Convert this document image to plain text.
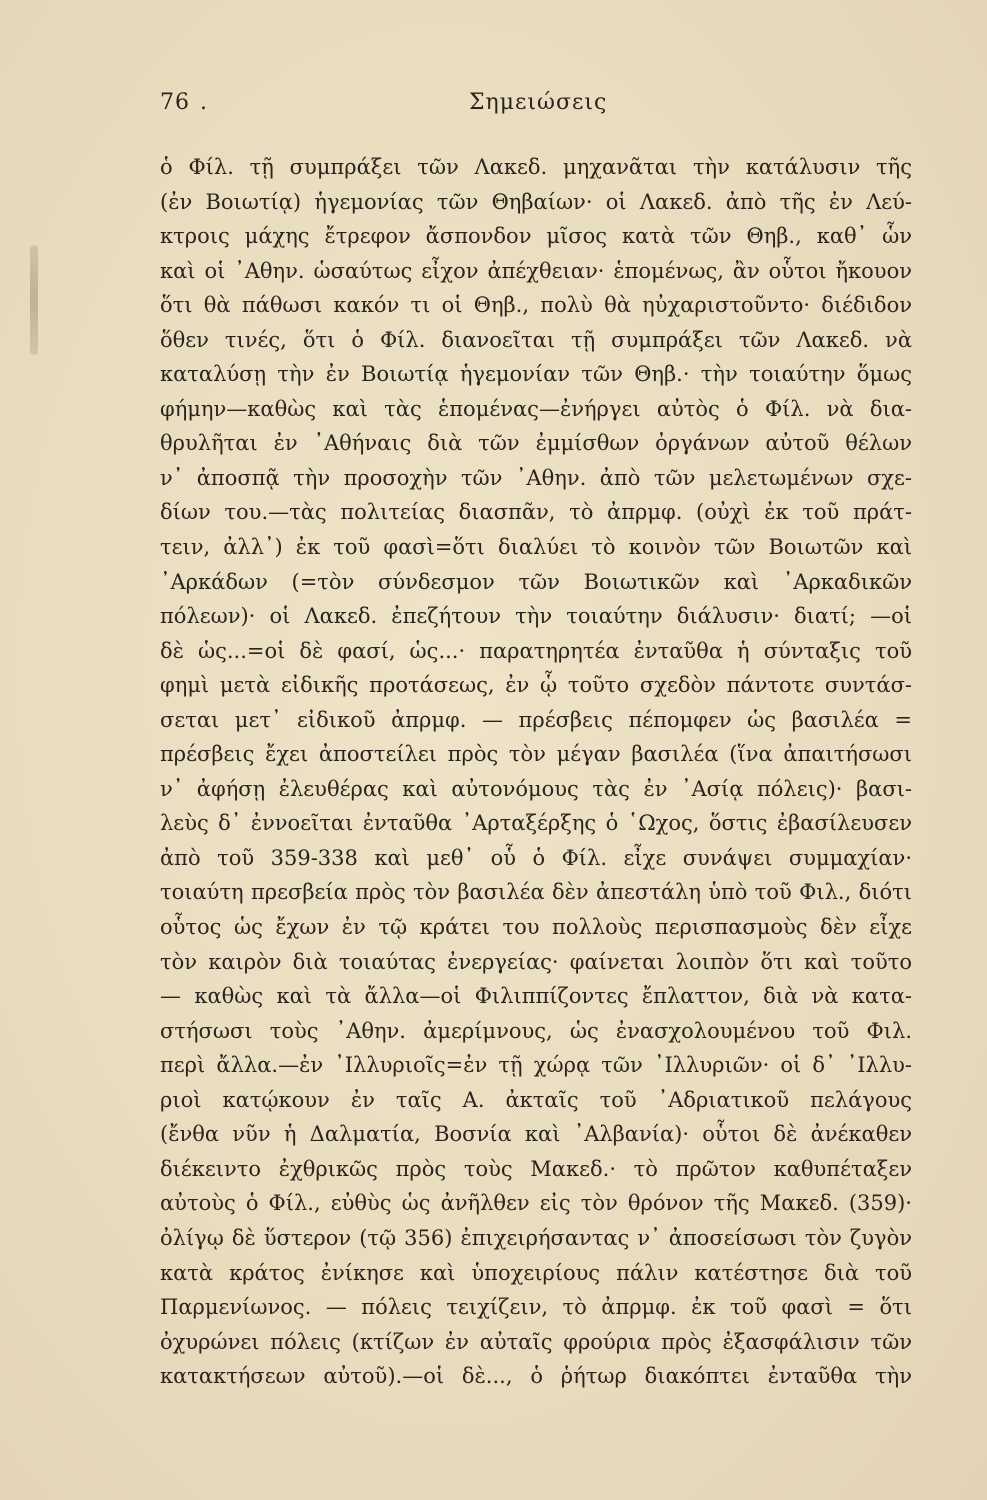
76 .	Σημειώσεις
ὁ Φίλ. τῇ συμπράξει τῶν Λακεδ. μηχανᾶται τὴν κατάλυσιν τῆς
(ἐν Βοιωτίᾳ) ἡγεμονίας τῶν Θηβαίων· οἱ Λακεδ. ἀπὸ τῆς ἐν Λεύ-
κτροις μάχης ἔτρεφον ἄσπονδον μῖσος κατὰ τῶν Θηβ., καθ᾽ ὧν
καὶ οἱ ᾽Αθην. ὡσαύτως εἶχον ἀπέχθειαν· ἑπομένως, ἂν οὗτοι ἤκουον
ὅτι θὰ πάθωσι κακόν τι οἱ Θηβ., πολὺ θὰ ηὐχαριστοῦντο· διέδιδον
ὅθεν τινές, ὅτι ὁ Φίλ. διανοεῖται τῇ συμπράξει τῶν Λακεδ. νὰ
καταλύσῃ τὴν ἐν Βοιωτίᾳ ἡγεμονίαν τῶν Θηβ.· τὴν τοιαύτην ὅμως
φήμην—καθὼς καὶ τὰς ἑπομένας—ἐνήργει αὐτὸς ὁ Φίλ. νὰ δια-
θρυλῆται ἐν ᾽Αθήναις διὰ τῶν ἐμμίσθων ὀργάνων αὐτοῦ θέλων
ν᾽ ἀποσπᾷ τὴν προσοχὴν τῶν ᾽Αθην. ἀπὸ τῶν μελετωμένων σχε-
δίων του.—τὰς πολιτείας διασπᾶν, τὸ ἀπρμφ. (οὐχὶ ἐκ τοῦ πράτ-
τειν, ἀλλ᾽) ἐκ τοῦ φασὶ=ὅτι διαλύει τὸ κοινὸν τῶν Βοιωτῶν καὶ
᾽Αρκάδων (=τὸν σύνδεσμον τῶν Βοιωτικῶν καὶ ᾽Αρκαδικῶν
πόλεων)· οἱ Λακεδ. ἐπεζήτουν τὴν τοιαύτην διάλυσιν· διατί; —οἱ
δὲ ὡς...=οἱ δὲ φασί, ὡς...· παρατηρητέα ἐνταῦθα ἡ σύνταξις τοῦ
φημὶ μετὰ εἰδικῆς προτάσεως, ἐν ᾧ τοῦτο σχεδὸν πάντοτε συντάσ-
σεται μετ᾽ εἰδικοῦ ἀπρμφ. — πρέσβεις πέπομφεν ὡς βασιλέα =
πρέσβεις ἔχει ἀποστείλει πρὸς τὸν μέγαν βασιλέα (ἵνα ἀπαιτήσωσι
ν᾽ ἀφήσῃ ἐλευθέρας καὶ αὐτονόμους τὰς ἐν ᾽Ασίᾳ πόλεις)· βασι-
λεὺς δ᾽ ἐννοεῖται ἐνταῦθα ᾽Αρταξέρξης ὁ ῾Ωχος, ὅστις ἐβασίλευσεν
ἀπὸ τοῦ 359-338 καὶ μεθ᾽ οὗ ὁ Φίλ. εἶχε συνάψει συμμαχίαν·
τοιαύτη πρεσβεία πρὸς τὸν βασιλέα δὲν ἀπεστάλη ὑπὸ τοῦ Φιλ., διότι
οὗτος ὡς ἔχων ἐν τῷ κράτει του πολλοὺς περισπασμοὺς δὲν εἶχε
τὸν καιρὸν διὰ τοιαύτας ἐνεργείας· φαίνεται λοιπὸν ὅτι καὶ τοῦτο
— καθὼς καὶ τὰ ἄλλα—οἱ Φιλιππίζοντες ἔπλαττον, διὰ νὰ κατα-
στήσωσι τοὺς ᾽Αθην. ἀμερίμνους, ὡς ἐνασχολουμένου τοῦ Φιλ.
περὶ ἄλλα.—ἐν ᾽Ιλλυριοῖς=ἐν τῇ χώρᾳ τῶν ᾽Ιλλυριῶν· οἱ δ᾽ ᾽Ιλλυ-
ριοὶ κατῴκουν ἐν ταῖς Α. ἀκταῖς τοῦ ᾽Αδριατικοῦ πελάγους
(ἔνθα νῦν ἡ Δαλματία, Βοσνία καὶ ᾽Αλβανία)· οὗτοι δὲ ἀνέκαθεν
διέκειντο ἐχθρικῶς πρὸς τοὺς Μακεδ.· τὸ πρῶτον καθυπέταξεν
αὐτοὺς ὁ Φίλ., εὐθὺς ὡς ἀνῆλθεν εἰς τὸν θρόνον τῆς Μακεδ. (359)·
ὀλίγῳ δὲ ὕστερον (τῷ 356) ἐπιχειρήσαντας ν᾽ ἀποσείσωσι τὸν ζυγὸν
κατὰ κράτος ἐνίκησε καὶ ὑποχειρίους πάλιν κατέστησε διὰ τοῦ
Παρμενίωνος. — πόλεις τειχίζειν, τὸ ἀπρμφ. ἐκ τοῦ φασὶ = ὅτι
ὀχυρώνει πόλεις (κτίζων ἐν αὐταῖς φρούρια πρὸς ἐξασφάλισιν τῶν
κατακτήσεων αὐτοῦ).—οἱ δὲ..., ὁ ῥήτωρ διακόπτει ἐνταῦθα τὴν
